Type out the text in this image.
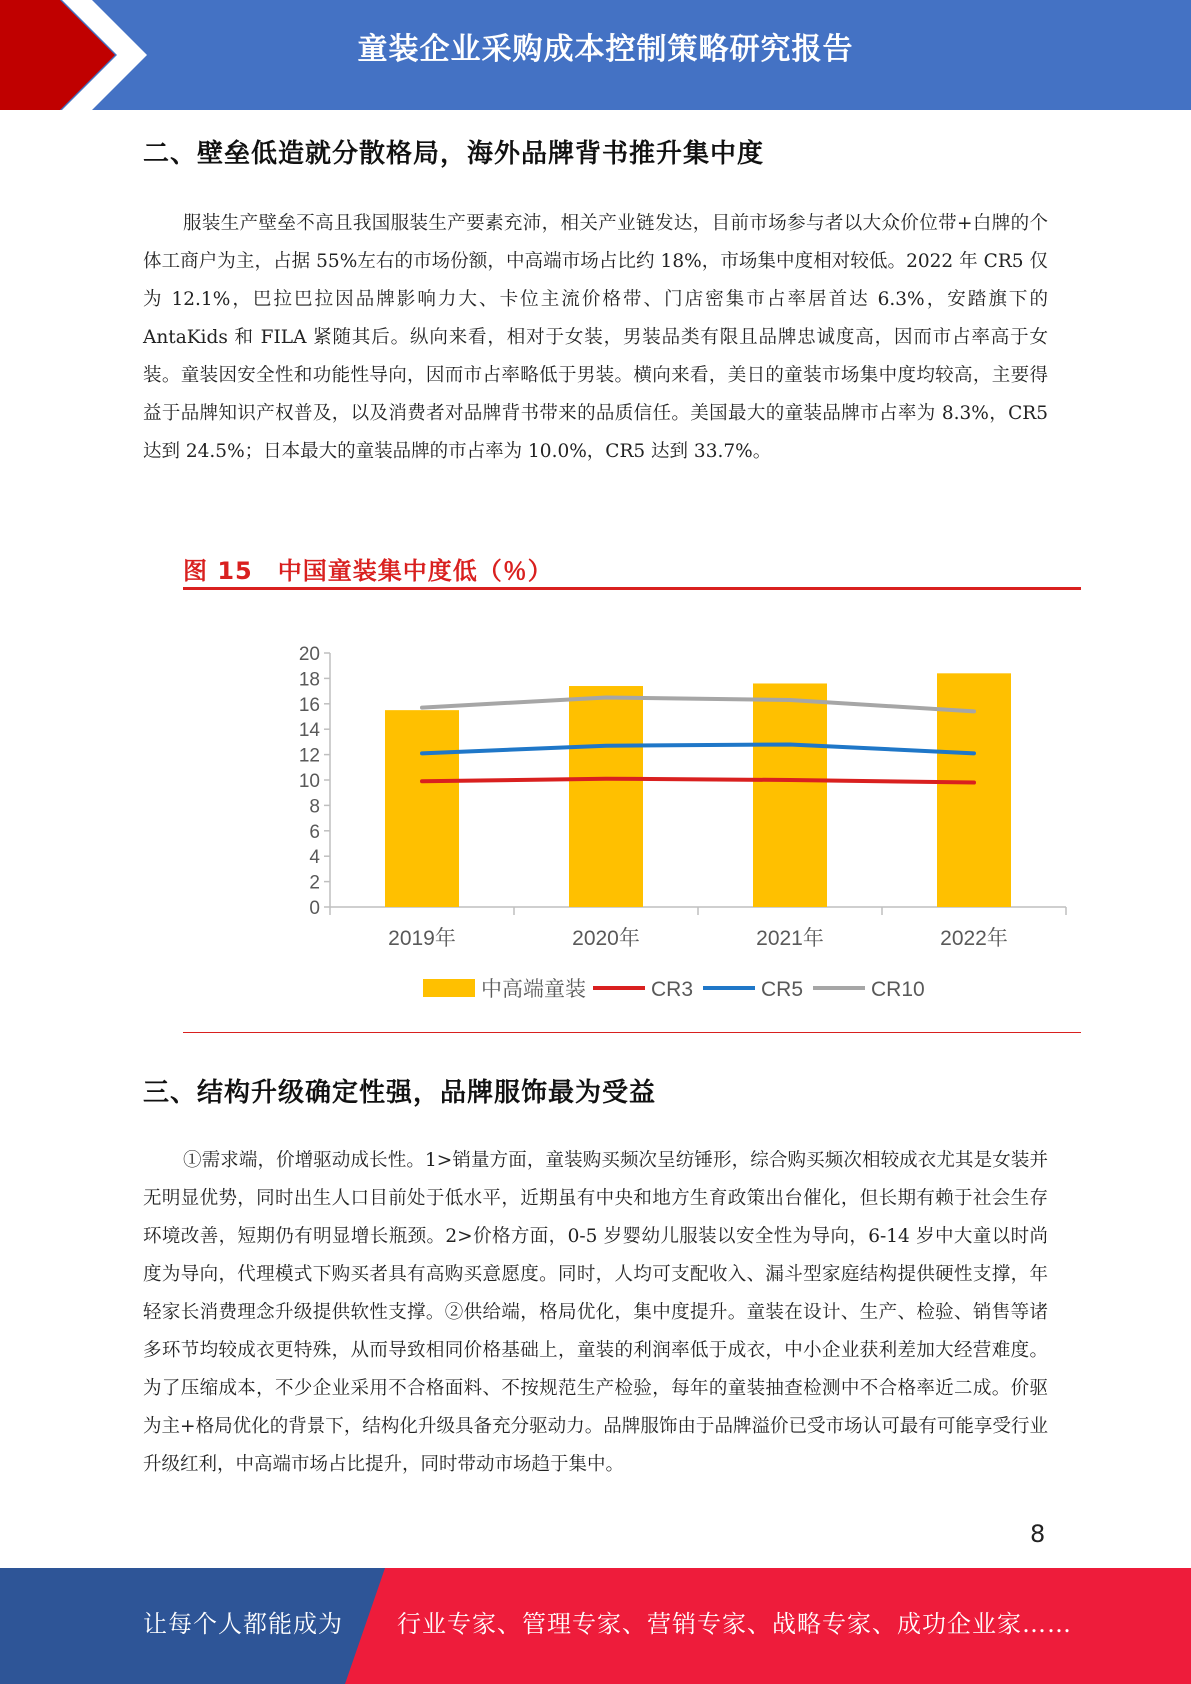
童装企业采购成本控制策略研究报告
二、壁垒低造就分散格局，海外品牌背书推升集中度
服装生产壁垒不高且我国服装生产要素充沛，相关产业链发达，目前市场参与者以大众价位带+白牌的个体工商户为主，占据 55%左右的市场份额，中高端市场占比约 18%，市场集中度相对较低。2022 年 CR5 仅为 12.1%，巴拉巴拉因品牌影响力大、卡位主流价格带、门店密集市占率居首达 6.3%，安踏旗下的 AntaKids 和 FILA 紧随其后。纵向来看，相对于女装，男装品类有限且品牌忠诚度高，因而市占率高于女装。童装因安全性和功能性导向，因而市占率略低于男装。横向来看，美日的童装市场集中度均较高，主要得益于品牌知识产权普及，以及消费者对品牌背书带来的品质信任。美国最大的童装品牌市占率为 8.3%，CR5 达到 24.5%；日本最大的童装品牌的市占率为 10.0%，CR5 达到 33.7%。
图 15　中国童装集中度低（％）
0
2
4
6
8
10
12
14
16
18
20
2019年	2020年	2021年	2022年
中高端童装	CR3	CR5	CR10
三、结构升级确定性强，品牌服饰最为受益
①需求端，价增驱动成长性。1>销量方面，童装购买频次呈纺锤形，综合购买频次相较成衣尤其是女装并无明显优势，同时出生人口目前处于低水平，近期虽有中央和地方生育政策出台催化，但长期有赖于社会生存环境改善，短期仍有明显增长瓶颈。2>价格方面，0-5 岁婴幼儿服装以安全性为导向，6-14 岁中大童以时尚度为导向，代理模式下购买者具有高购买意愿度。同时，人均可支配收入、漏斗型家庭结构提供硬性支撑，年轻家长消费理念升级提供软性支撑。②供给端，格局优化，集中度提升。童装在设计、生产、检验、销售等诸多环节均较成衣更特殊，从而导致相同价格基础上，童装的利润率低于成衣，中小企业获利差加大经营难度。为了压缩成本，不少企业采用不合格面料、不按规范生产检验，每年的童装抽查检测中不合格率近二成。价驱为主+格局优化的背景下，结构化升级具备充分驱动力。品牌服饰由于品牌溢价已受市场认可最有可能享受行业升级红利，中高端市场占比提升，同时带动市场趋于集中。
8
让每个人都能成为 行业专家、管理专家、营销专家、战略专家、成功企业家……
